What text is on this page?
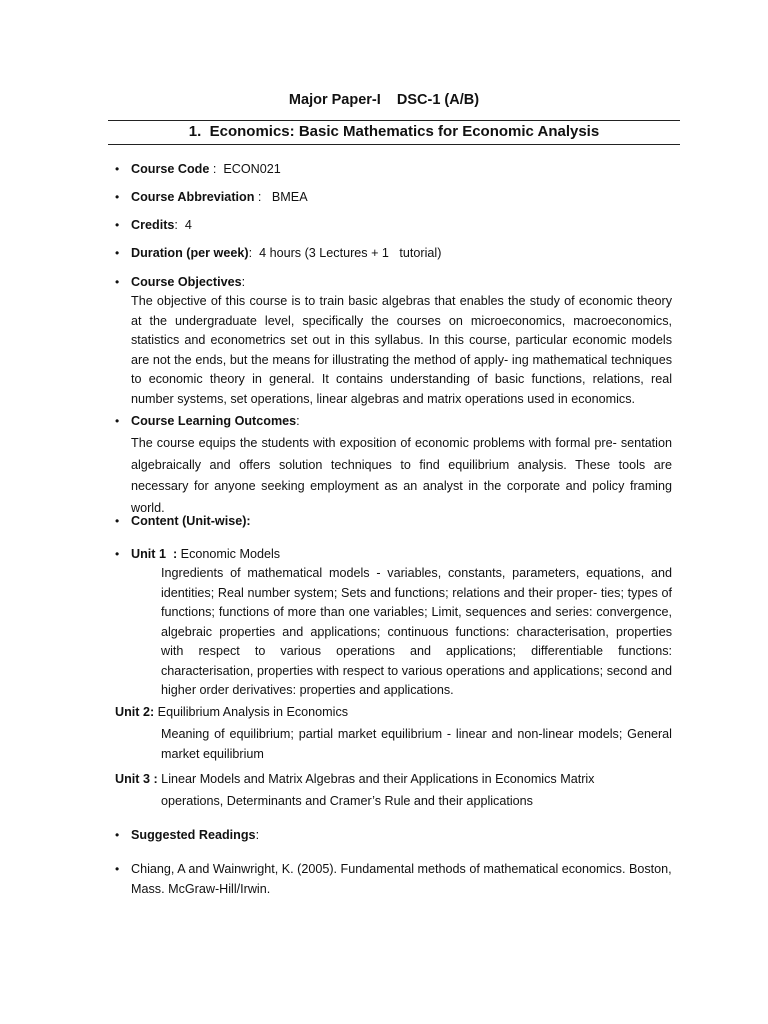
Major Paper-I    DSC-1 (A/B)
1.  Economics: Basic Mathematics for Economic Analysis
• Course Code :  ECON021
• Course Abbreviation :   BMEA
• Credits:  4
• Duration (per week):  4 hours (3 Lectures + 1   tutorial)
• Course Objectives:
The objective of this course is to train basic algebras that enables the study of economic theory at the undergraduate level, specifically the courses on microeconomics, macroeconomics, statistics and econometrics set out in this syllabus. In this course, particular economic models are not the ends, but the means for illustrating the method of apply- ing mathematical techniques to economic theory in general. It contains understanding of basic functions, relations, real number systems, set operations, linear algebras and matrix operations used in economics.
• Course Learning Outcomes:
The course equips the students with exposition of economic problems with formal pre- sentation algebraically and offers solution techniques to find equilibrium analysis. These tools are necessary for anyone seeking employment as an analyst in the corporate and policy framing world.
• Content (Unit-wise):
• Unit 1  : Economic Models
Ingredients of mathematical models - variables, constants, parameters, equations, and identities; Real number system; Sets and functions; relations and their proper- ties; types of functions; functions of more than one variables; Limit, sequences and series: convergence, algebraic properties and applications; continuous functions: characterisation, properties with respect to various operations and applications; differentiable functions: characterisation, properties with respect to various operations and applications; second and higher order derivatives: properties and applications.
Unit 2: Equilibrium Analysis in Economics
Meaning of equilibrium; partial market equilibrium - linear and non-linear models; General market equilibrium
Unit 3 : Linear Models and Matrix Algebras and their Applications in Economics Matrix
operations, Determinants and Cramer’s Rule and their applications
• Suggested Readings:
• Chiang, A and Wainwright, K. (2005). Fundamental methods of mathematical economics. Boston, Mass. McGraw-Hill/Irwin.
